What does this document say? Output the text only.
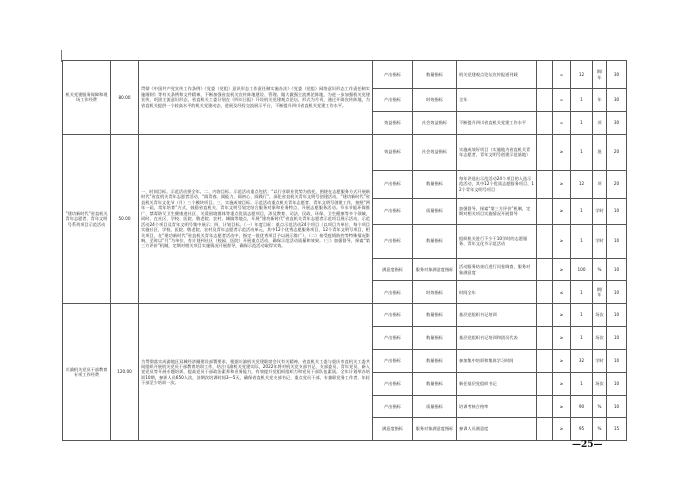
机关党建服务保障和现场工作经费	80.00	贯彻《中国共产党宣传工作条例》《党委（党组）意识形态工作责任制实施办法》《党委（党组）网络意识形态工作责任制实施细则》等有关条例和文件精神，不断加强省直机关宣传阵地建设、管理。做大做强主流舆论阵地，为进一步加强机关党建宣传，巩固主流意识形态，省直机关工委计划在《四川日报》开设机关党建观点论坛，形式为月刊，通过开辟宣传阵地，为省直机关提供一个较高水平的机关党建动态、进展及经验交流展示平台，不断提升四川省直机关党建工作水平。	产出指标	数量指标	机关党建观点论坛宣传报道刊载		=	12	期/年	30	
			产出指标	时效指标	全年		=	1	年	30	
			效益指标	社会效益指标	不断提升四川省直机关党建工作水平		=	1	项	30	
“建功新时代”省直机关青年志愿者、青年文明号系列项目示范活动	50.00	一、时间目标。示范活动要全年。二、内容目标。示范活动重点包括：“以行业职业优势为依托，围绕在志愿服务方式开展新时代”省直机关青年志愿者活动，“阅青春、阅能力、阅初心、阅践行”，深化省直机关青年文明号创建活动，“建功新时代”省直机关青年文化节（月）三个模块项目。三、实施成效目标。示范活动重点机关青年志愿者、青年文明号创建工作，按照“两年一届，常年培育”方式，鼓励省直机关、青年文明号划定结合服务对象和业务特点，开展志愿服务活动。节水节能环保推广、禁毒防艾卫生健康进社区、关爱困境群体等重点优质志愿项目，涉及教育、司法、民政、环保、卫生健康等多个领域，同时，在社区、学校、医院、敬老院、农村、城镇等地点，开展“建功新时代”省直机关青年志愿者示范项目展示活动，示范活动24个项目及青年文明号集中展示；四、计划目标。（一）年度目标：重点示范活动24个项目（以项目为单位，每个项目实施社区、学校、医院、敬老院、农村及青年志愿者示范活动单元，其中12个优秀志愿服务项目，12个青年文明号项目，相关项目，在“建功新时代”省直机关青年志愿者活动中，指定一批优秀项目予以展示推广），（二）按受疫情防控等特殊情况影响，至时以“月”为单位，有计划到社区（校园、医院）开展重点活动，确保示范活动质量和效果。（三）加强督导，探索“第三方评价”机制，定期对相关项目实施情况开展督导，确保示范活动取得实效。	效益指标	社会效益指标	实施成效好项目（实施地为省直机关青年志愿者、青年文明号创建示范基地）		≥	1	批	20	
			产出指标	数量指标	每年评选出示范活动24个项目的入选示范活动，其中12个优质志愿服务项目、12个青年文明号项目		≥	12	项	20	
			产出指标	质量指标	加强督导，探索“第三方评价”机制，定期对相关项目实施情况开展督导		≥	1	学时	10	
			产出指标	数量指标	组织机关进行不少于10学时的志愿服务、青年文化节示范活动		≥	1	学时	10	
			满意度指标	服务对象满意度指标	活动服务结束后进行问卷调查，服务对象满意度		≥	100	%	10	
			产出指标	时效指标	时间全年		≤	1	期/年	10	
川渝机关党员干部教育专项工作经费	120.00	为贯彻落实成渝地区双城经济圈建设部署要求，根据川渝机关党建联席会议有关精神，省直机关工委与重庆市直机关工委共同组织开展机关党员干部教育培训工作，结合川渝机关党建实际，2022年将对机关党支部书记、支部委员、青年党员、新入党党员等开展专题培训，提高党员干部政治素养和业务能力，有效提升党组织组织力和党员干部队伍素质。全年计划举办培训10期，参训人员650人次，各期次培训时间3—5天，确保省直机关党支部书记、重点党员干部、专兼职党务工作者、年轻干部至少培训一次。	产出指标	数量指标	基层党组织书记培训		≥	1	场次	10	
			产出指标	数量指标	基层党组织书记培训和团员代表		≥	1	场次	10	
			产出指标	数量指标	参加集中培训和集体学习时间		≥	32	学时	10	
			产出指标	数量指标	新任基层党组织书记		≥	1	场次	10	
			产出指标	质量指标	培训考核合格率		≥	90	%	10	
			满意度指标	服务对象满意度指标	参训人员满意度		≥	95	%	15	
—25—
